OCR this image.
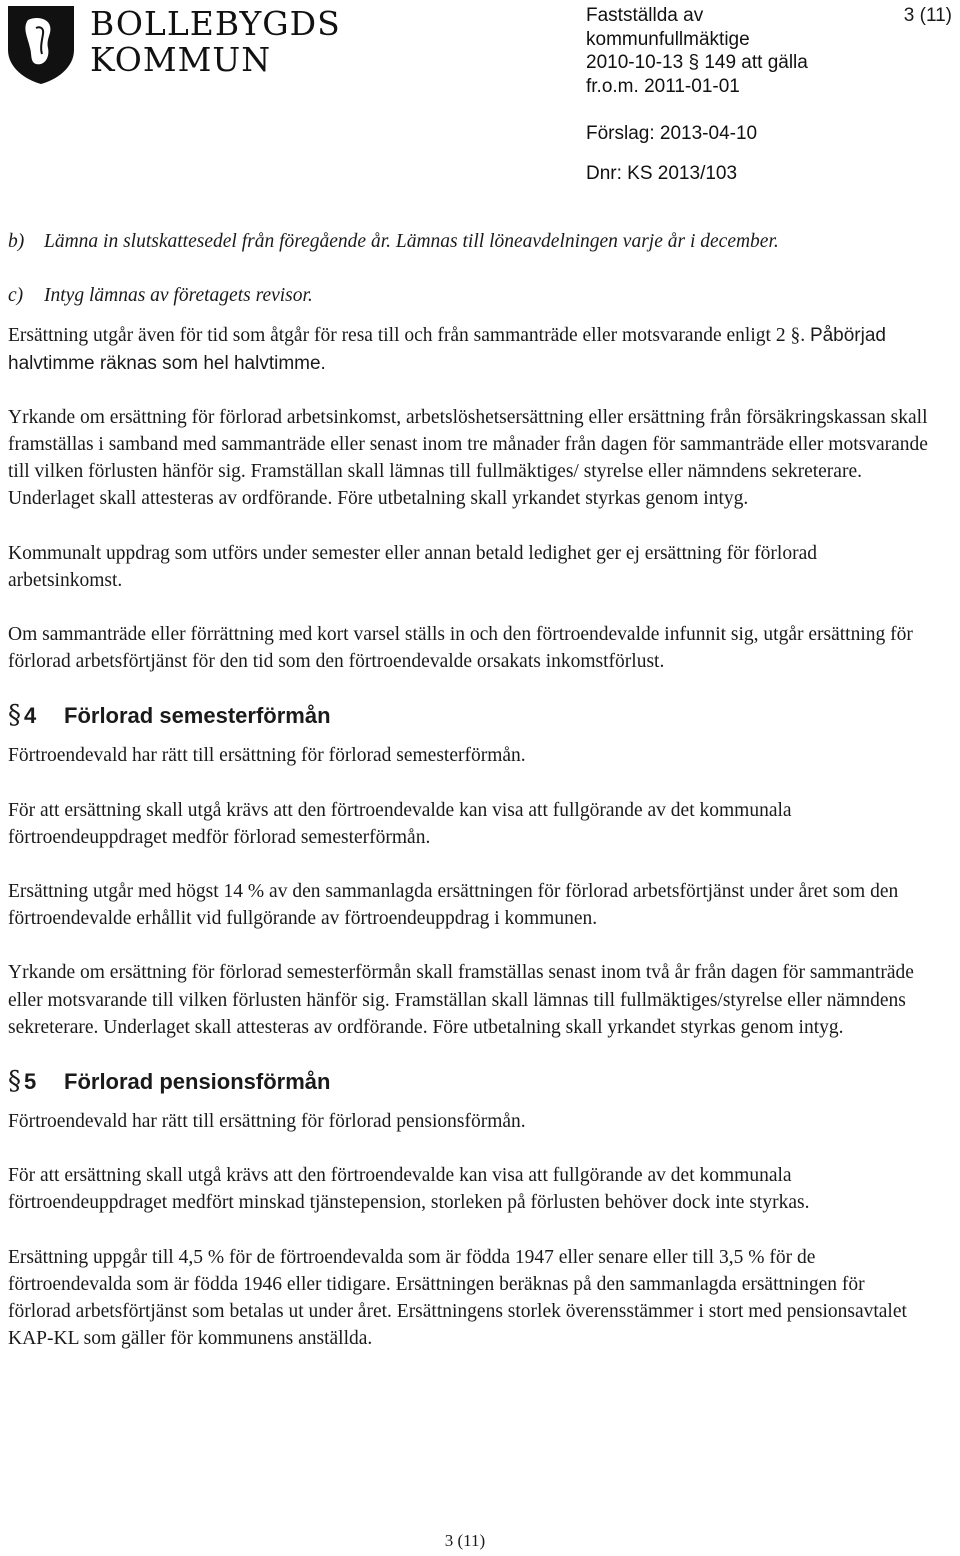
BOLLEBYGDS
KOMMUN
Fastställda av
kommunfullmäktige
2010-10-13 § 149 att gälla
fr.o.m. 2011-01-01
Förslag: 2013-04-10
Dnr: KS 2013/103
3 (11)

b) Lämna in slutskattesedel från föregående år. Lämnas till löneavdelningen varje år i december.

c) Intyg lämnas av företagets revisor.

Ersättning utgår även för tid som åtgår för resa till och från sammanträde eller motsvarande enligt 2 §. Påbörjad halvtimme räknas som hel halvtimme.

Yrkande om ersättning för förlorad arbetsinkomst, arbetslöshetsersättning eller ersättning från försäkringskassan skall framställas i samband med sammanträde eller senast inom tre månader från dagen för sammanträde eller motsvarande till vilken förlusten hänför sig. Framställan skall lämnas till fullmäktiges/ styrelse eller nämndens sekreterare. Underlaget skall attesteras av ordförande. Före utbetalning skall yrkandet styrkas genom intyg.

Kommunalt uppdrag som utförs under semester eller annan betald ledighet ger ej ersättning för förlorad arbetsinkomst.

Om sammanträde eller förrättning med kort varsel ställs in och den förtroendevalde infunnit sig, utgår ersättning för förlorad arbetsförtjänst för den tid som den förtroendevalde orsakats inkomstförlust.

§ 4	Förlorad semesterförmån

Förtroendevald har rätt till ersättning för förlorad semesterförmån.

För att ersättning skall utgå krävs att den förtroendevalde kan visa att fullgörande av det kommunala förtroendeuppdraget medför förlorad semesterförmån.

Ersättning utgår med högst 14 % av den sammanlagda ersättningen för förlorad arbetsförtjänst under året som den förtroendevalde erhållit vid fullgörande av förtroendeuppdrag i kommunen.

Yrkande om ersättning för förlorad semesterförmån skall framställas senast inom två år från dagen för sammanträde eller motsvarande till vilken förlusten hänför sig. Framställan skall lämnas till fullmäktiges/styrelse eller nämndens sekreterare. Underlaget skall attesteras av ordförande. Före utbetalning skall yrkandet styrkas genom intyg.

§ 5	Förlorad pensionsförmån

Förtroendevald har rätt till ersättning för förlorad pensionsförmån.

För att ersättning skall utgå krävs att den förtroendevalde kan visa att fullgörande av det kommunala förtroendeuppdraget medfört minskad tjänstepension, storleken på förlusten behöver dock inte styrkas.

Ersättning uppgår till 4,5 % för de förtroendevalda som är födda 1947 eller senare eller till 3,5 % för de förtroendevalda som är födda 1946 eller tidigare. Ersättningen beräknas på den sammanlagda ersättningen för förlorad arbetsförtjänst som betalas ut under året. Ersättningens storlek överensstämmer i stort med pensionsavtalet KAP-KL som gäller för kommunens anställda.

3 (11)
